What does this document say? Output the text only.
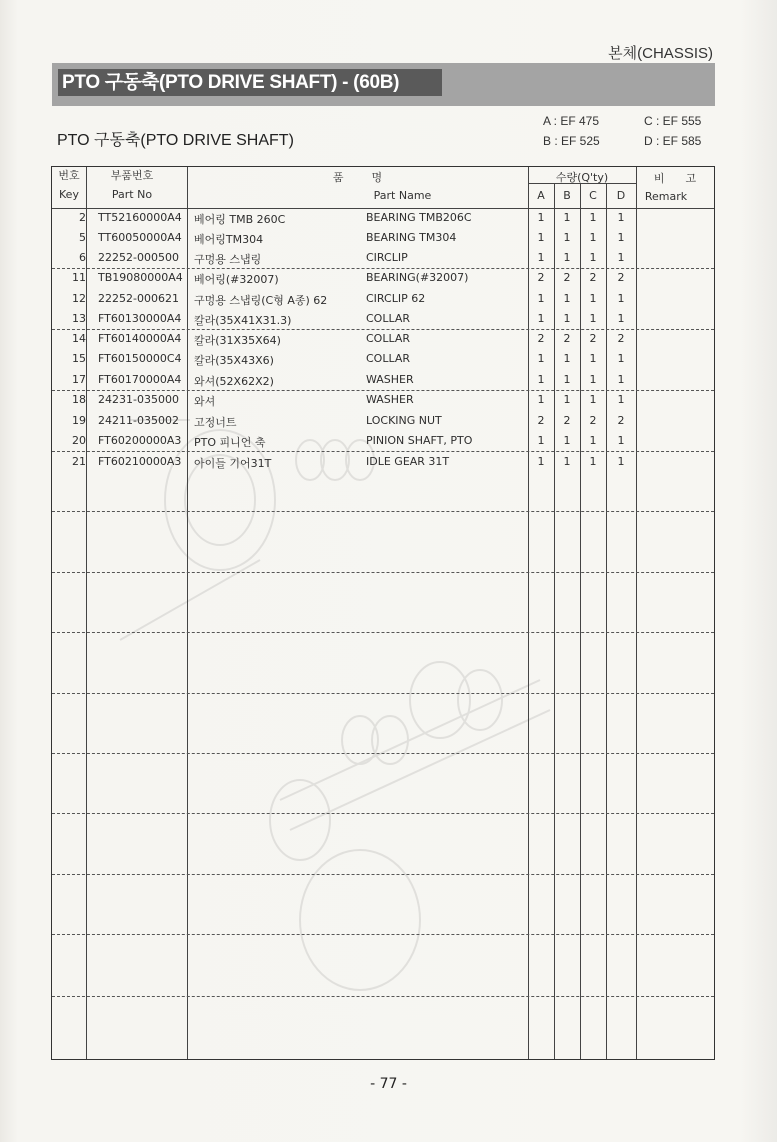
본체(CHASSIS)
PTO 구동축(PTO DRIVE SHAFT) - (60B)
PTO 구동축(PTO DRIVE SHAFT)
A : EF 475
B : EF 525
C : EF 555
D : EF 585
번호
Key
부품번호
Part No
품        명
Part Name
수량(Q'ty)
A	B	C	D
비      고
Remark
2 TT52160000A4 베어링 TMB 260C	BEARING TMB206C	1	1	1	1
5 TT60050000A4 베어링TM304	BEARING TM304	1	1	1	1
6 22252-000500 구멍용 스냅링	CIRCLIP	1	1	1	1
11 TB19080000A4 베어링(#32007)	BEARING(#32007)	2	2	2	2
12 22252-000621 구멍용 스냅링(C형 A종) 62	CIRCLIP 62	1	1	1	1
13 FT60130000A4 칼라(35X41X31.3)	COLLAR	1	1	1	1
14 FT60140000A4 칼라(31X35X64)	COLLAR	2	2	2	2
15 FT60150000C4 칼라(35X43X6)	COLLAR	1	1	1	1
17 FT60170000A4 와셔(52X62X2)	WASHER	1	1	1	1
18 24231-035000 와셔	WASHER	1	1	1	1
19 24211-035002 고정너트	LOCKING NUT	2	2	2	2
20 FT60200000A3 PTO 피니언 축	PINION SHAFT, PTO	1	1	1	1
21 FT60210000A3 아이들 기어31T	IDLE GEAR 31T	1	1	1	1
- 77 -
